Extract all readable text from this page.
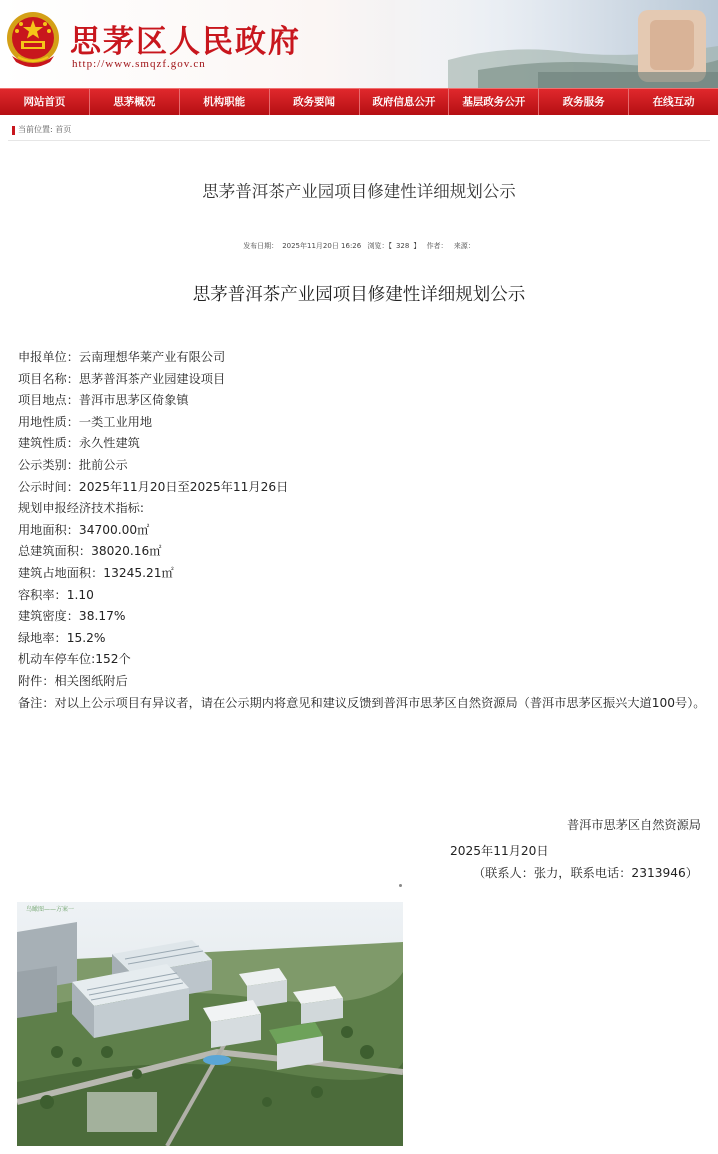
思茅区人民政府
http://www.smqzf.gov.cn
网站首页	思茅概况	机构职能	政务要闻	政府信息公开	基层政务公开	政务服务	在线互动
当前位置: 首页
思茅普洱茶产业园项目修建性详细规划公示
发布日期： 2025年11月20日 16:26 浏览：【 328 】 作者： 来源：
思茅普洱茶产业园项目修建性详细规划公示

申报单位：云南理想华莱产业有限公司

项目名称：思茅普洱茶产业园建设项目

项目地点：普洱市思茅区倚象镇

用地性质：一类工业用地

建筑性质：永久性建筑

公示类别：批前公示

公示时间：2025年11月20日至2025年11月26日

规划申报经济技术指标:

用地面积：34700.00㎡

总建筑面积：38020.16㎡

建筑占地面积：13245.21㎡

容积率：1.10

建筑密度：38.17%

绿地率：15.2%

机动车停车位:152个

附件：相关图纸附后

备注：对以上公示项目有异议者，请在公示期内将意见和建议反馈到普洱市思茅区自然资源局（普洱市思茅区振兴大道100号）。

普洱市思茅区自然资源局
2025年11月20日
（联系人：张力，联系电话：2313946）
鸟瞰图——方案一
